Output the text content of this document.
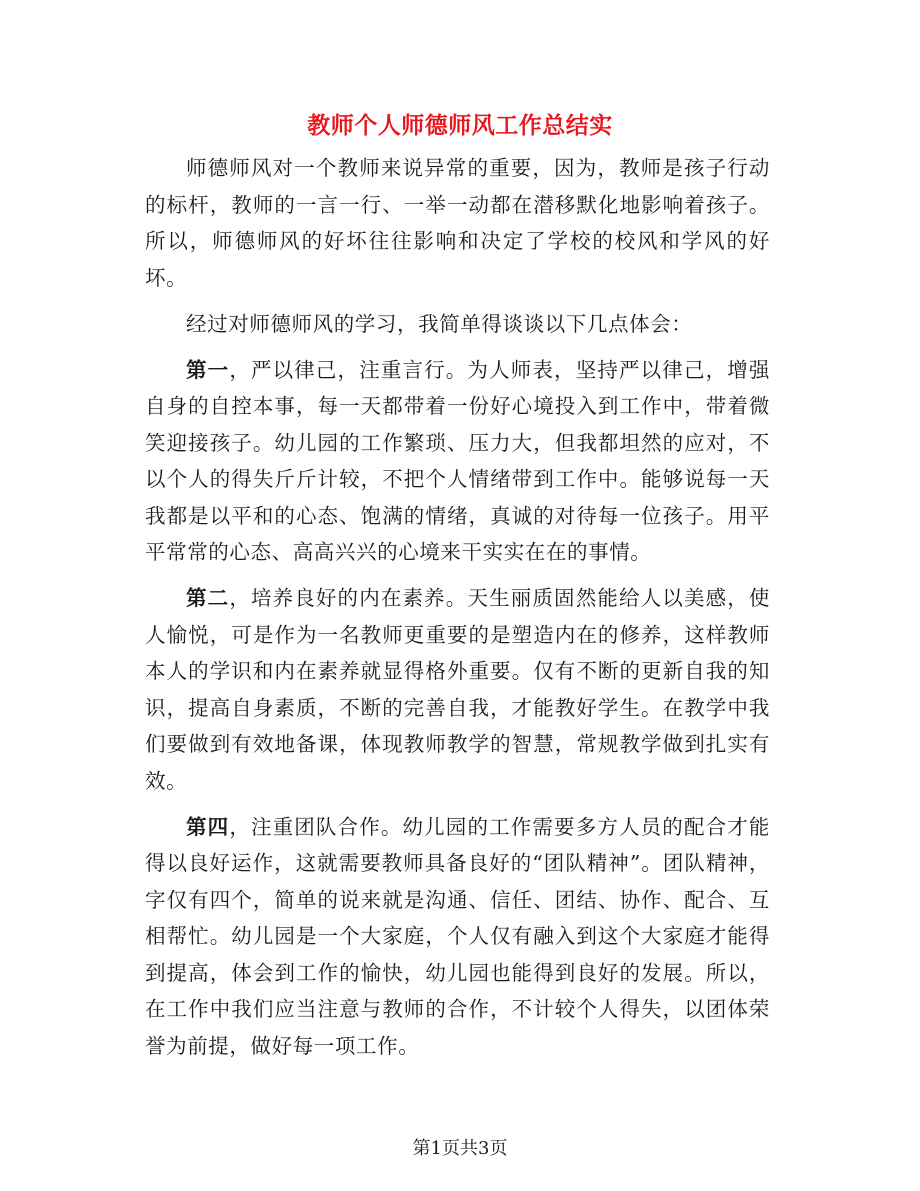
教师个人师德师风工作总结实

师德师风对一个教师来说异常的重要，因为，教师是孩子行动的标杆，教师的一言一行、一举一动都在潜移默化地影响着孩子。所以，师德师风的好坏往往影响和决定了学校的校风和学风的好坏。

经过对师德师风的学习，我简单得谈谈以下几点体会：

第一，严以律己，注重言行。为人师表，坚持严以律己，增强自身的自控本事，每一天都带着一份好心境投入到工作中，带着微笑迎接孩子。幼儿园的工作繁琐、压力大，但我都坦然的应对，不以个人的得失斤斤计较，不把个人情绪带到工作中。能够说每一天我都是以平和的心态、饱满的情绪，真诚的对待每一位孩子。用平平常常的心态、高高兴兴的心境来干实实在在的事情。

第二，培养良好的内在素养。天生丽质固然能给人以美感，使人愉悦，可是作为一名教师更重要的是塑造内在的修养，这样教师本人的学识和内在素养就显得格外重要。仅有不断的更新自我的知识，提高自身素质，不断的完善自我，才能教好学生。在教学中我们要做到有效地备课，体现教师教学的智慧，常规教学做到扎实有效。

第四，注重团队合作。幼儿园的工作需要多方人员的配合才能得以良好运作，这就需要教师具备良好的“团队精神”。团队精神，字仅有四个，简单的说来就是沟通、信任、团结、协作、配合、互相帮忙。幼儿园是一个大家庭，个人仅有融入到这个大家庭才能得到提高，体会到工作的愉快，幼儿园也能得到良好的发展。所以，在工作中我们应当注意与教师的合作，不计较个人得失，以团体荣誉为前提，做好每一项工作。

第1页共3页
